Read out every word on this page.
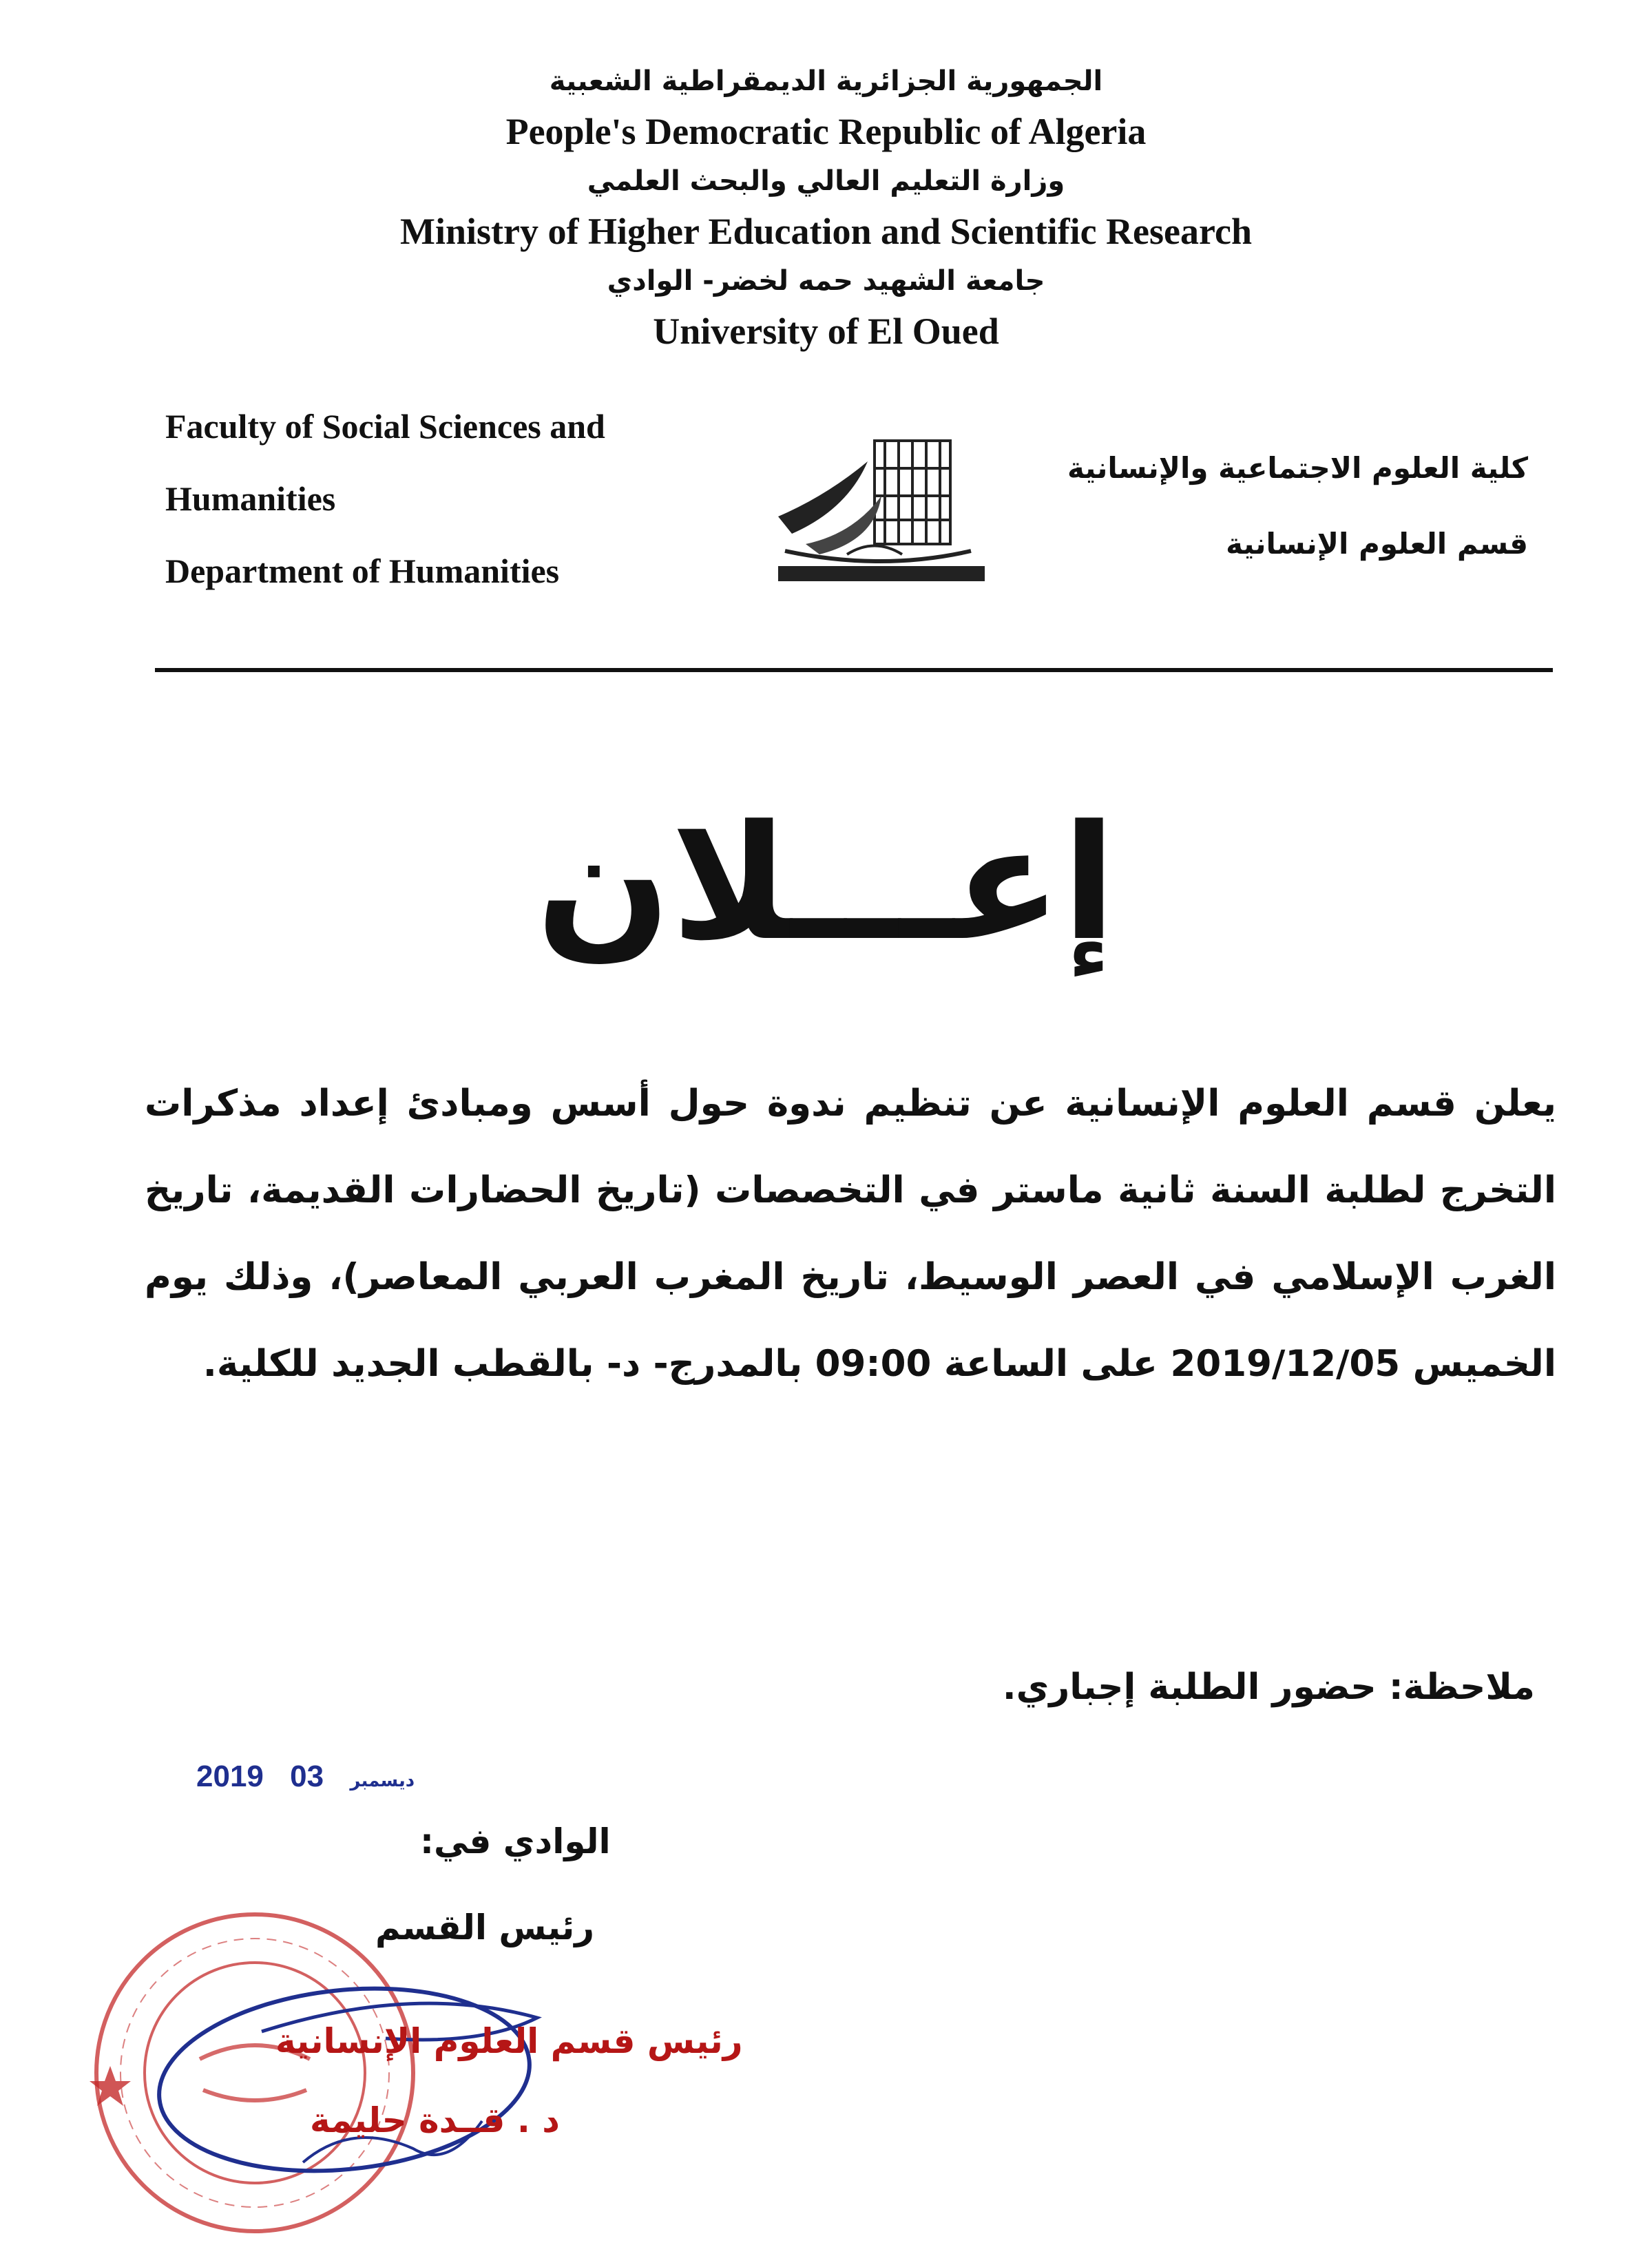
الجمهورية الجزائرية الديمقراطية الشعبية
People's Democratic Republic of Algeria
وزارة التعليم العالي والبحث العلمي
Ministry of Higher Education and Scientific Research
جامعة الشهيد حمه لخضر- الوادي
University of El Oued
Faculty of Social Sciences and
Humanities
Department of Humanities
كلية العلوم الاجتماعية والإنسانية
قسم العلوم الإنسانية
إعـــلان
يعلن قسم العلوم الإنسانية عن تنظيم ندوة حول أسس ومبادئ إعداد مذكرات التخرج لطلبة السنة ثانية ماستر في التخصصات (تاريخ الحضارات القديمة، تاريخ الغرب الإسلامي في العصر الوسيط، تاريخ المغرب العربي المعاصر)، وذلك يوم الخميس 2019/12/05 على الساعة 09:00 بالمدرج- د- بالقطب الجديد للكلية.
ملاحظة: حضور الطلبة إجباري.
2019	ديسمبر 03
الوادي في:
رئيس القسم
رئيس قسم العلوم الإنسانية
د . قــدة حليمة
